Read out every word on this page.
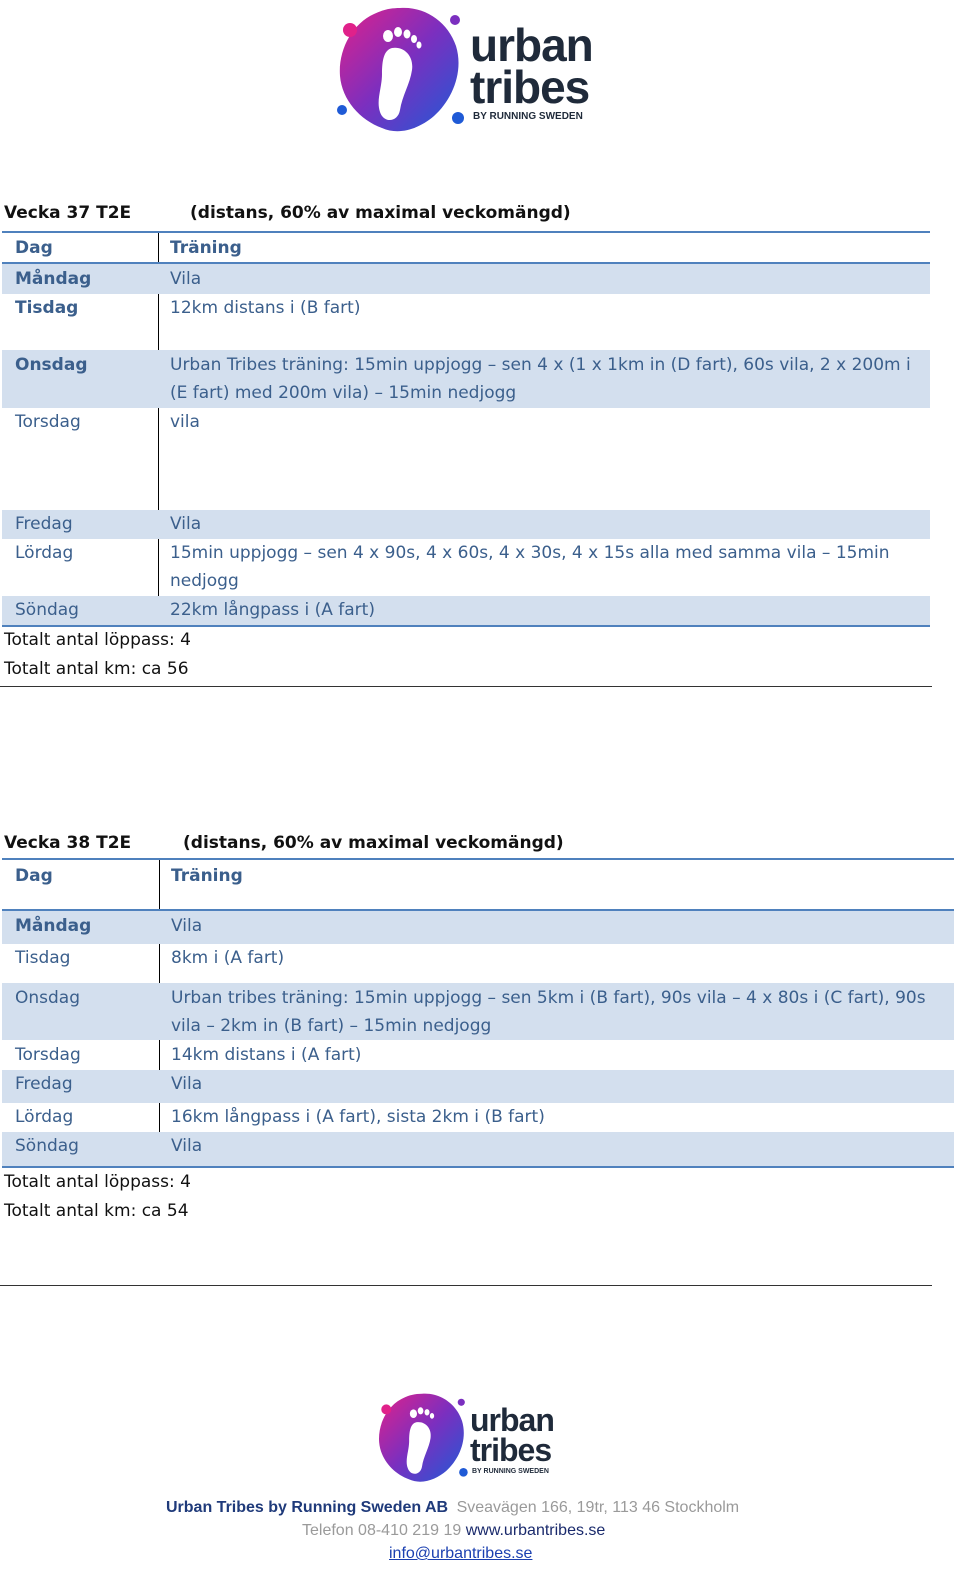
urban
tribes
BY RUNNING SWEDEN
Vecka 37 T2E	(distans, 60% av maximal veckomängd)
Dag	Träning
Måndag	Vila
Tisdag	12km distans i (B fart)
Onsdag	Urban Tribes träning: 15min uppjogg – sen 4 x (1 x 1km in (D fart), 60s vila, 2 x 200m i (E fart) med 200m vila) – 15min nedjogg
Torsdag	vila
Fredag	Vila
Lördag	15min uppjogg – sen 4 x 90s, 4 x 60s, 4 x 30s, 4 x 15s alla med samma vila – 15min nedjogg
Söndag	22km långpass i (A fart)
Totalt antal löppass: 4
Totalt antal km: ca 56
Vecka 38 T2E	(distans, 60% av maximal veckomängd)
Dag	Träning
Måndag	Vila
Tisdag	8km i (A fart)
Onsdag	Urban tribes träning: 15min uppjogg – sen 5km i (B fart), 90s vila – 4 x 80s i (C fart), 90s vila – 2km in (B fart) – 15min nedjogg
Torsdag	14km distans i (A fart)
Fredag	Vila
Lördag	16km långpass i (A fart), sista 2km i (B fart)
Söndag	Vila
Totalt antal löppass: 4
Totalt antal km: ca 54
urban
tribes
BY RUNNING SWEDEN
Urban Tribes by Running Sweden AB Sveavägen 166, 19tr, 113 46 Stockholm
Telefon 08-410 219 19 www.urbantribes.se
info@urbantribes.se
